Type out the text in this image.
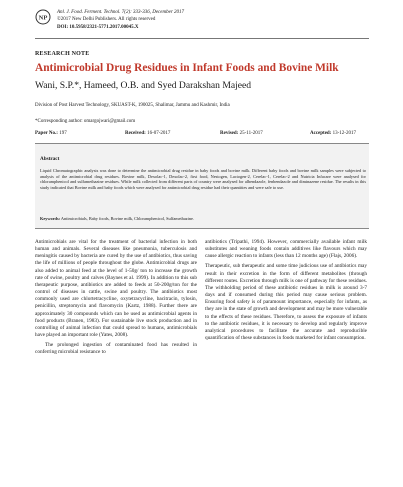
NP
Anl. J. Food. Ferment. Technol. 7(2): 333-336, December 2017
©2017 New Delhi Publishers. All rights reserved
DOI: 10.5958/2321-5771.2017.00045.X
RESEARCH NOTE
Antimicrobial Drug Residues in Infant Foods and Bovine Milk
Wani, S.P.*, Hameed, O.B. and Syed Darakshan Majeed
Division of Post Harvest Technology, SKUAST-K, 190025, Shalimar, Jammu and Kashmir, India
*Corresponding author: omargojwari@gmail.com
Paper No.: 197	Received: 16-07-2017	Revised: 25-11-2017	Accepted: 13-12-2017
Abstract
Liquid Chromatographic analysis was done to determine the antimicrobial drug residue in baby foods and bovine milk. Different baby foods and bovine milk samples were subjected to analysis of the antimicrobial drug residues. Bovine milk, Dexolac-1, Dexolac-2, first food, Nestogen, Lactogen-2, Cerelac-1, Cerelac-2 and Nutricia Infacare were analysed for chloramphenicol and sulfamethazine residues. While milk collected from different parts of country were analysed for albendazole, fenbendazole and diminazene residue. The results in this study indicated that Bovine milk and baby foods which were analysed for antimicrobial drug residue had their quantities and were safe to use.
Keywords: Antimicrobials, Baby foods, Bovine milk, Chloramphenicol, Sulfamethazine.

Antimicrobials are vital for the treatment of bacterial infection in both human and animals. Several diseases like pneumonia, tuberculosis and meningitis caused by bacteria are cured by the use of antibiotics, thus saving the life of millions of people throughout the globe. Antimicrobial drugs are also added to animal feed at the level of 1-50g/ ton to increase the growth rate of swine, poultry and calves (Baynes et al. 1999). In addition to this sub therapeutic purpose, antibiotics are added to feeds at 50-200g/ton for the control of diseases in cattle, swine and poultry. The antibiotics most commonly used are chlortetracycline, oxytetracycline, bacitracin, tylosin, penicillin, streptomycin and flavomycin (Kartz, 1988). Further there are approximately 30 compounds which can be used as antimicrobial agents in food products (Branen, 1983). For sustainable live stock production and in controlling of animal infection that could spread to humans, antimicrobials have played an important role (Yates, 2008).

The prolonged ingestion of contaminated food has resulted in conferring microbial resistance to

antibiotics (Tripathi, 1994). However, commercially available infant milk substitutes and weaning foods contain additives like flavours which may cause allergic reaction to infants (less than 12 months age) (Flajs, 2006).

Therapeutic, sub therapeutic and some time judicious use of antibiotics may result in their excretion in the form of different metabolites (through different routes. Excretion through milk is one of pathway for these residues. The withholding period of these antibiotic residues in milk is around 3-7 days and if consumed during this period may cause serious problem. Ensuring food safety is of paramount importance, especially for infants, as they are in the state of growth and development and may be more vulnerable to the effects of these residues. Therefore, to assess the exposure of infants to the antibiotic residues, it is necessary to develop and regularly improve analytical procedures to facilitate the accurate and reproducible quantification of these substances in foods marketed for infant consumption.
